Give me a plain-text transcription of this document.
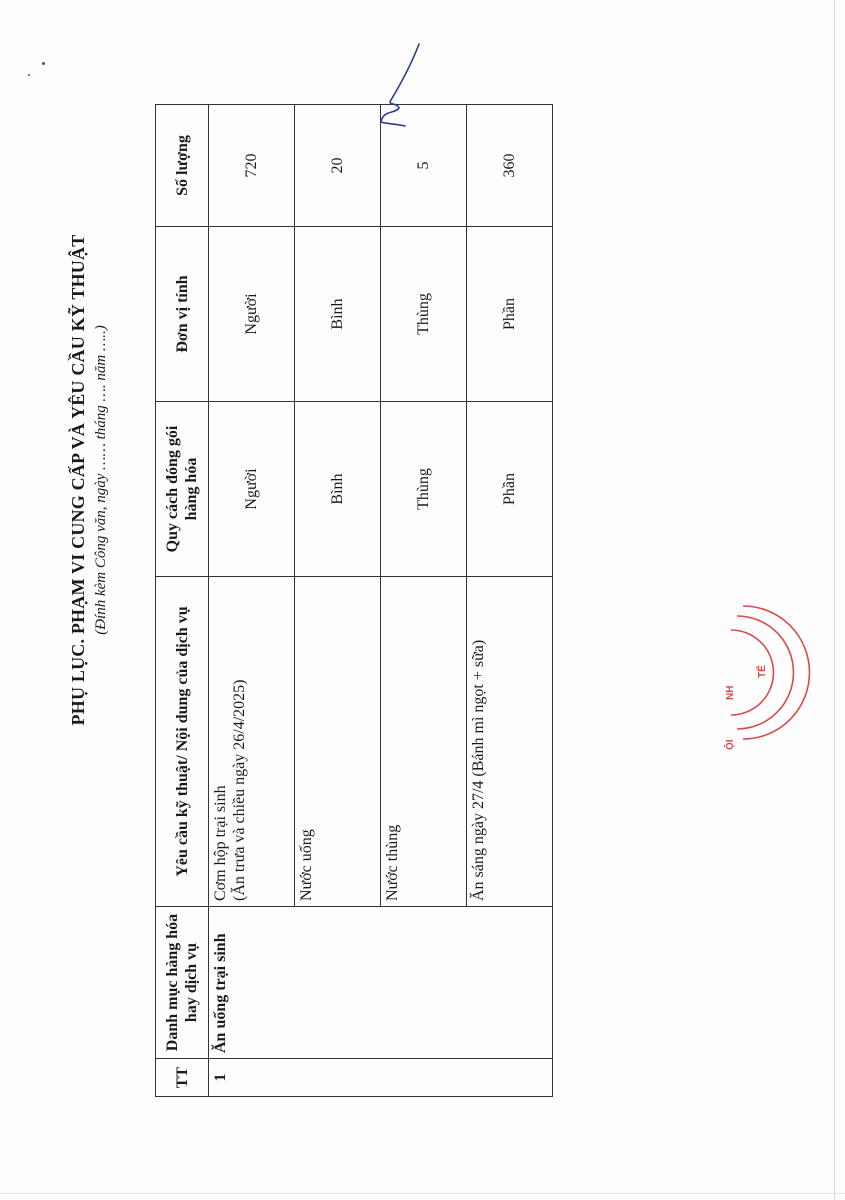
PHỤ LỤC. PHẠM VI CUNG CẤP VÀ YÊU CẦU KỸ THUẬT (Đính kèm Công văn, ngày …… tháng …. năm …..)
TT	Danh mục hàng hóa hay dịch vụ	Yêu cầu kỹ thuật/ Nội dung của dịch vụ	Quy cách đóng gói hàng hóa	Đơn vị tính	Số lượng
1	Ăn uống trại sinh	Cơm hộp trại sinh (Ăn trưa và chiều ngày 26/4/2025)	Người	Người	720
		Nước uống	Bình	Bình	20
		Nước thùng	Thùng	Thùng	5
		Ăn sáng ngày 27/4 (Bánh mì ngọt + sữa)	Phần	Phần	360
TẾ
NH
ỘI
